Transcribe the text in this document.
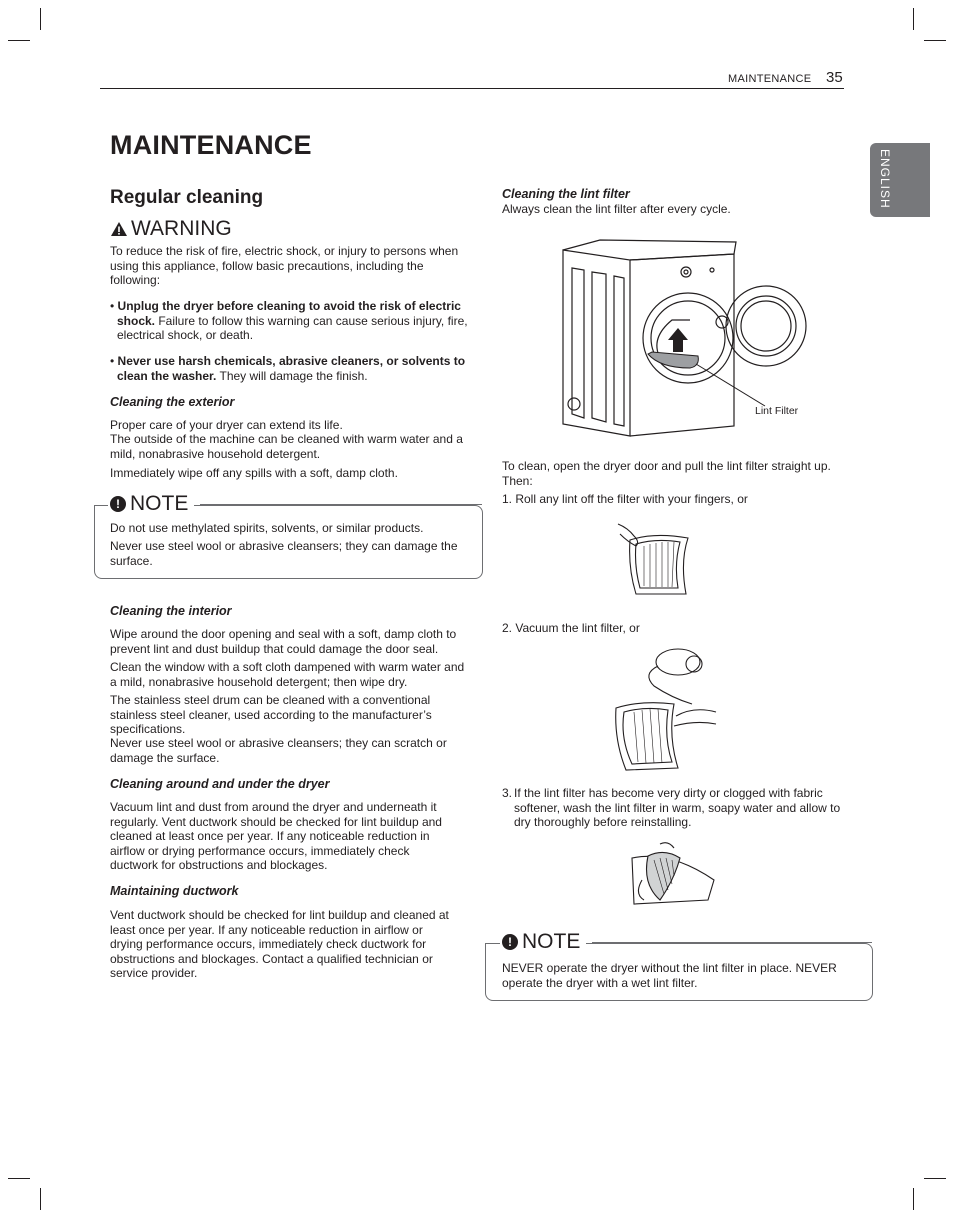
MAINTENANCE 35
ENGLISH
MAINTENANCE
Regular cleaning
WARNING
To reduce the risk of fire, electric shock, or injury to persons when using this appliance, follow basic precautions, including the following:
• Unplug the dryer before cleaning to avoid the risk of electric shock. Failure to follow this warning can cause serious injury, fire, electrical shock, or death.
• Never use harsh chemicals, abrasive cleaners, or solvents to clean the washer. They will damage the finish.
Cleaning the exterior
Proper care of your dryer can extend its life.
The outside of the machine can be cleaned with warm water and a mild, nonabrasive household detergent.
Immediately wipe off any spills with a soft, damp cloth.
! NOTE
Do not use methylated spirits, solvents, or similar products.
Never use steel wool or abrasive cleansers; they can damage the surface.
Cleaning the interior
Wipe around the door opening and seal with a soft, damp cloth to prevent lint and dust buildup that could damage the door seal.
Clean the window with a soft cloth dampened with warm water and a mild, nonabrasive household detergent; then wipe dry.
The stainless steel drum can be cleaned with a conventional stainless steel cleaner, used according to the manufacturer’s specifications.
Never use steel wool or abrasive cleansers; they can scratch or damage the surface.
Cleaning around and under the dryer
Vacuum lint and dust from around the dryer and underneath it regularly. Vent ductwork should be checked for lint buildup and cleaned at least once per year. If any noticeable reduction in airflow or drying performance occurs, immediately check ductwork for obstructions and blockages.
Maintaining ductwork
Vent ductwork should be checked for lint buildup and cleaned at least once per year. If any noticeable reduction in airflow or drying performance occurs, immediately check ductwork for obstructions and blockages. Contact a qualified technician or service provider.
Cleaning the lint filter
Always clean the lint filter after every cycle.
Lint Filter
To clean, open the dryer door and pull the lint filter straight up. Then:
1. Roll any lint off the filter with your fingers, or
2. Vacuum the lint filter, or
3. If the lint filter has become very dirty or clogged with fabric softener, wash the lint filter in warm, soapy water and allow to dry thoroughly before reinstalling.
! NOTE
NEVER operate the dryer without the lint filter in place. NEVER operate the dryer with a wet lint filter.
